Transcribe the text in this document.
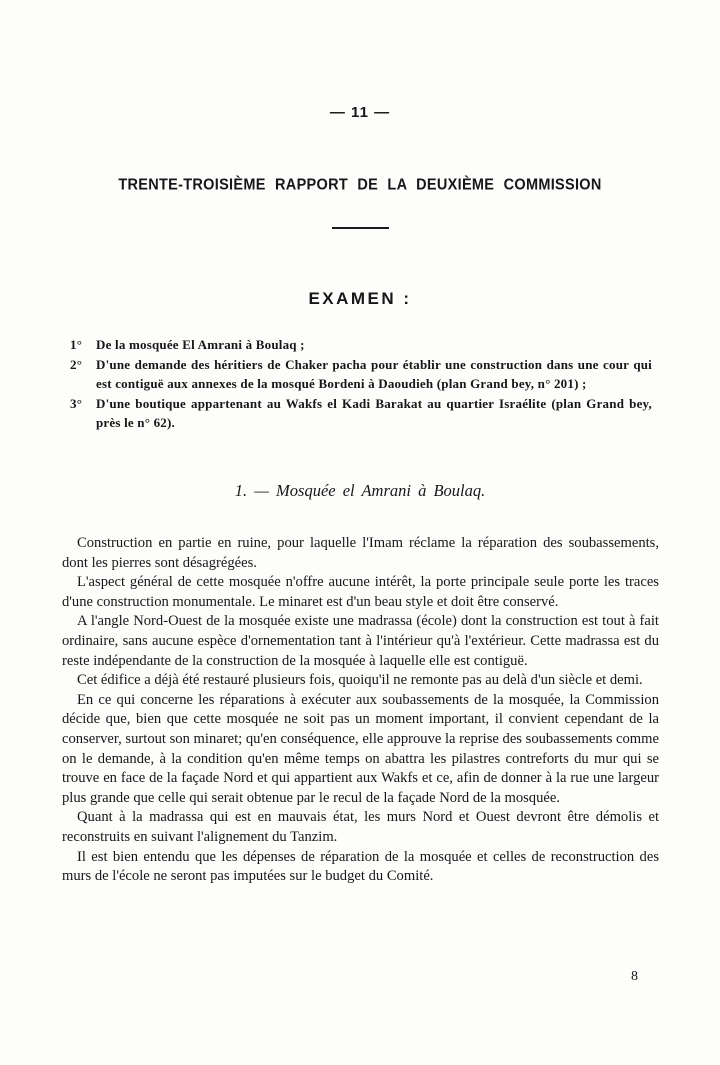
— 11 —
TRENTE-TROISIÈME RAPPORT DE LA DEUXIÈME COMMISSION
EXAMEN :
1°	De la mosquée El Amrani à Boulaq ;
2°	D'une demande des héritiers de Chaker pacha pour établir une construction dans une cour qui est contiguë aux annexes de la mosqué Bordeni à Daoudieh (plan Grand bey, n° 201) ;
3°	D'une boutique appartenant au Wakfs el Kadi Barakat au quartier Israélite (plan Grand bey, près le n° 62).
1. — Mosquée el Amrani à Boulaq.

Construction en partie en ruine, pour laquelle l'Imam réclame la réparation des soubassements, dont les pierres sont désagrégées.

L'aspect général de cette mosquée n'offre aucune intérêt, la porte principale seule porte les traces d'une construction monumentale. Le minaret est d'un beau style et doit être conservé.

A l'angle Nord-Ouest de la mosquée existe une madrassa (école) dont la construction est tout à fait ordinaire, sans aucune espèce d'ornementation tant à l'intérieur qu'à l'extérieur. Cette madrassa est du reste indépendante de la construction de la mosquée à laquelle elle est contiguë.

Cet édifice a déjà été restauré plusieurs fois, quoiqu'il ne remonte pas au delà d'un siècle et demi.

En ce qui concerne les réparations à exécuter aux soubassements de la mosquée, la Commission décide que, bien que cette mosquée ne soit pas un moment important, il convient cependant de la conserver, surtout son minaret; qu'en conséquence, elle approuve la reprise des soubassements comme on le demande, à la condition qu'en même temps on abattra les pilastres contreforts du mur qui se trouve en face de la façade Nord et qui appartient aux Wakfs et ce, afin de donner à la rue une largeur plus grande que celle qui serait obtenue par le recul de la façade Nord de la mosquée.

Quant à la madrassa qui est en mauvais état, les murs Nord et Ouest devront être démolis et reconstruits en suivant l'alignement du Tanzim.

Il est bien entendu que les dépenses de réparation de la mosquée et celles de reconstruction des murs de l'école ne seront pas imputées sur le budget du Comité.

8
